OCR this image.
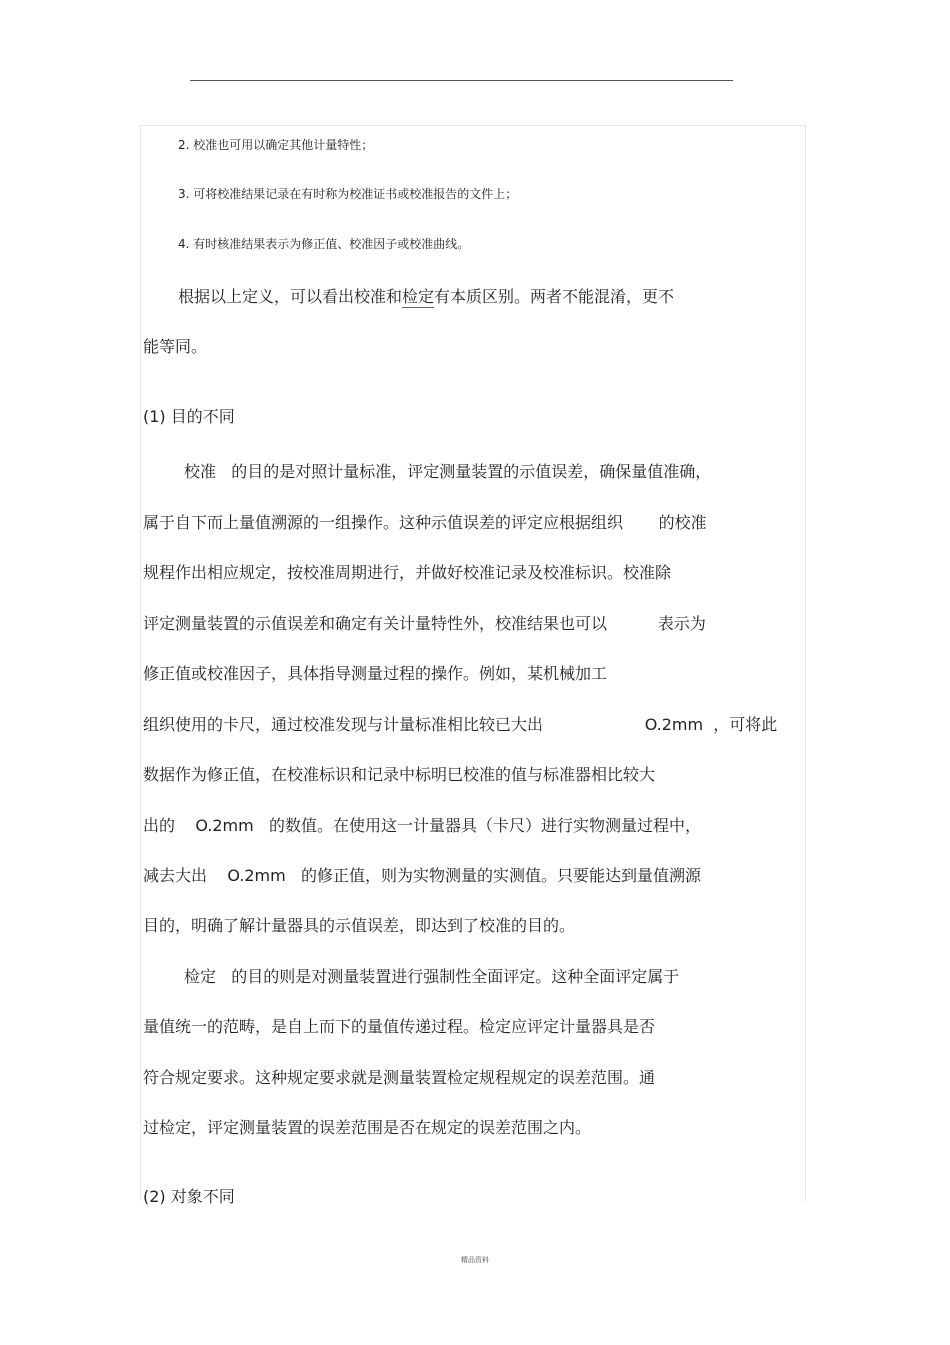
2. 校准也可用以确定其他计量特性；
3. 可将校准结果记录在有时称为校准证书或校准报告的文件上；
4. 有时核准结果表示为修正值、校准因子或校准曲线。
根据以上定义，可以看出校准和检定有本质区别。两者不能混淆，更不
能等同。
(1) 目的不同
校准   的目的是对照计量标准，评定测量装置的示值误差，确保量值准确，
属于自下而上量值溯源的一组操作。这种示值误差的评定应根据组织       的校准
规程作出相应规定，按校准周期进行，并做好校准记录及校准标识。校准除
评定测量装置的示值误差和确定有关计量特性外，校准结果也可以          表示为
修正值或校准因子，具体指导测量过程的操作。例如，某机械加工
组织使用的卡尺，通过校准发现与计量标准相比较已大出                    O.2mm  ，可将此
数据作为修正值，在校准标识和记录中标明巳校准的值与标准器相比较大
出的    O.2mm   的数值。在使用这一计量器具（卡尺）进行实物测量过程中，
减去大出    O.2mm   的修正值，则为实物测量的实测值。只要能达到量值溯源
目的，明确了解计量器具的示值误差，即达到了校准的目的。
检定   的目的则是对测量装置进行强制性全面评定。这种全面评定属于
量值统一的范畴，是自上而下的量值传递过程。检定应评定计量器具是否
符合规定要求。这种规定要求就是测量装置检定规程规定的误差范围。通
过检定，评定测量装置的误差范围是否在规定的误差范围之内。
(2) 对象不同
精品资料
